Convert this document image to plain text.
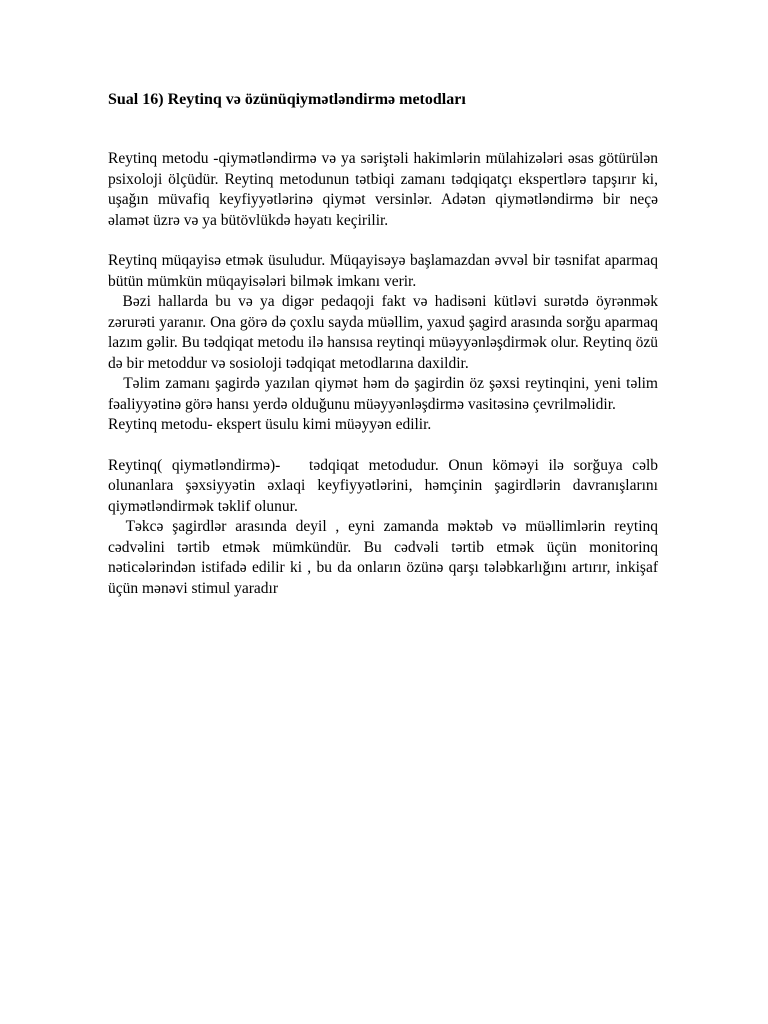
Sual 16) Reytinq və özünüqiymətləndirmə metodları

Reytinq metodu -qiymətləndirmə və ya səriştəli hakimlərin mülahizələri əsas götürülən psixoloji ölçüdür. Reytinq metodunun tətbiqi zamanı tədqiqatçı ekspertlərə tapşırır ki, uşağın müvafiq keyfiyyətlərinə qiymət versinlər. Adətən qiymətləndirmə bir neçə əlamət üzrə və ya bütövlükdə həyatı keçirilir.

Reytinq müqayisə etmək üsuludur. Müqayisəyə başlamazdan əvvəl bir təsnifat aparmaq bütün mümkün müqayisələri bilmək imkanı verir.

Bəzi hallarda bu və ya digər pedaqoji fakt və hadisəni kütləvi surətdə öyrənmək zərurəti yaranır. Ona görə də çoxlu sayda müəllim, yaxud şagird arasında sorğu aparmaq lazım gəlir. Bu tədqiqat metodu ilə hansısa reytinqi müəyyənləşdirmək olur. Reytinq özü də bir metoddur və sosioloji tədqiqat metodlarına daxildir.

Təlim zamanı şagirdə yazılan qiymət həm də şagirdin öz şəxsi reytinqini, yeni təlim fəaliyyətinə görə hansı yerdə olduğunu müəyyənləşdirmə vasitəsinə çevrilməlidir.

Reytinq metodu- ekspert üsulu kimi müəyyən edilir.

Reytinq( qiymətləndirmə)-   tədqiqat metodudur. Onun köməyi ilə sorğuya cəlb olunanlara şəxsiyyətin əxlaqi keyfiyyətlərini, həmçinin şagirdlərin davranışlarını qiymətləndirmək təklif olunur.

Təkcə şagirdlər arasında deyil , eyni zamanda məktəb və müəllimlərin reytinq cədvəlini tərtib etmək mümkündür. Bu cədvəli tərtib etmək üçün monitorinq nəticələrindən istifadə edilir ki , bu da onların özünə qarşı tələbkarlığını artırır, inkişaf üçün mənəvi stimul yaradır
